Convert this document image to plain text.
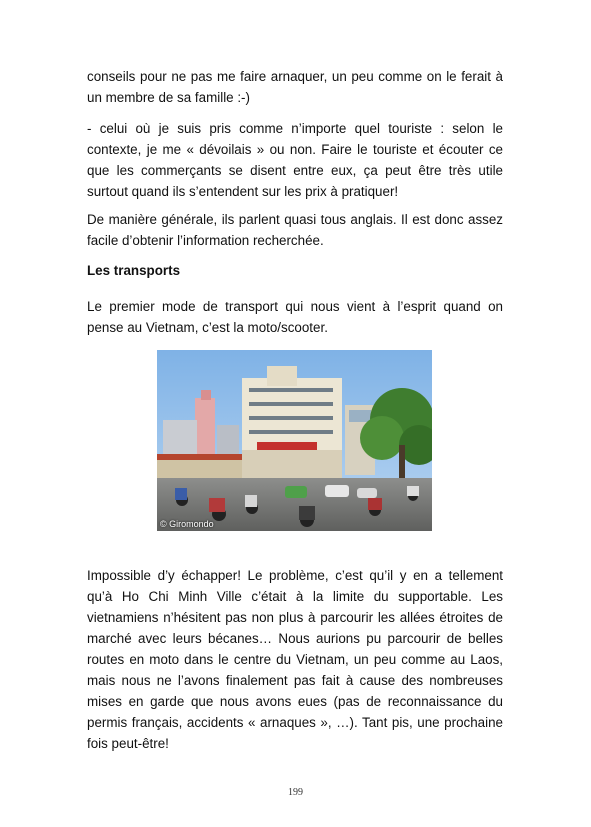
conseils pour ne pas me faire arnaquer, un peu comme on le ferait à un membre de sa famille :-)

- celui où je suis pris comme n’importe quel touriste : selon le contexte, je me « dévoilais » ou non. Faire le touriste et écouter ce que les commerçants se disent entre eux, ça peut être très utile surtout quand ils s’entendent sur les prix à pratiquer!

De manière générale, ils parlent quasi tous anglais. Il est donc assez facile d’obtenir l’information recherchée.

Les transports

Le premier mode de transport qui nous vient à l’esprit quand on pense au Vietnam, c’est la moto/scooter.

© Giromondo

Impossible d’y échapper! Le problème, c’est qu’il y en a tellement qu’à Ho Chi Minh Ville c’était à la limite du supportable. Les vietnamiens n’hésitent pas non plus à parcourir les allées étroites de marché avec leurs bécanes… Nous aurions pu parcourir de belles routes en moto dans le centre du Vietnam, un peu comme au Laos, mais nous ne l’avons finalement pas fait à cause des nombreuses mises en garde que nous avons eues (pas de reconnaissance du permis français, accidents « arnaques », …). Tant pis, une prochaine fois peut-être!

199
